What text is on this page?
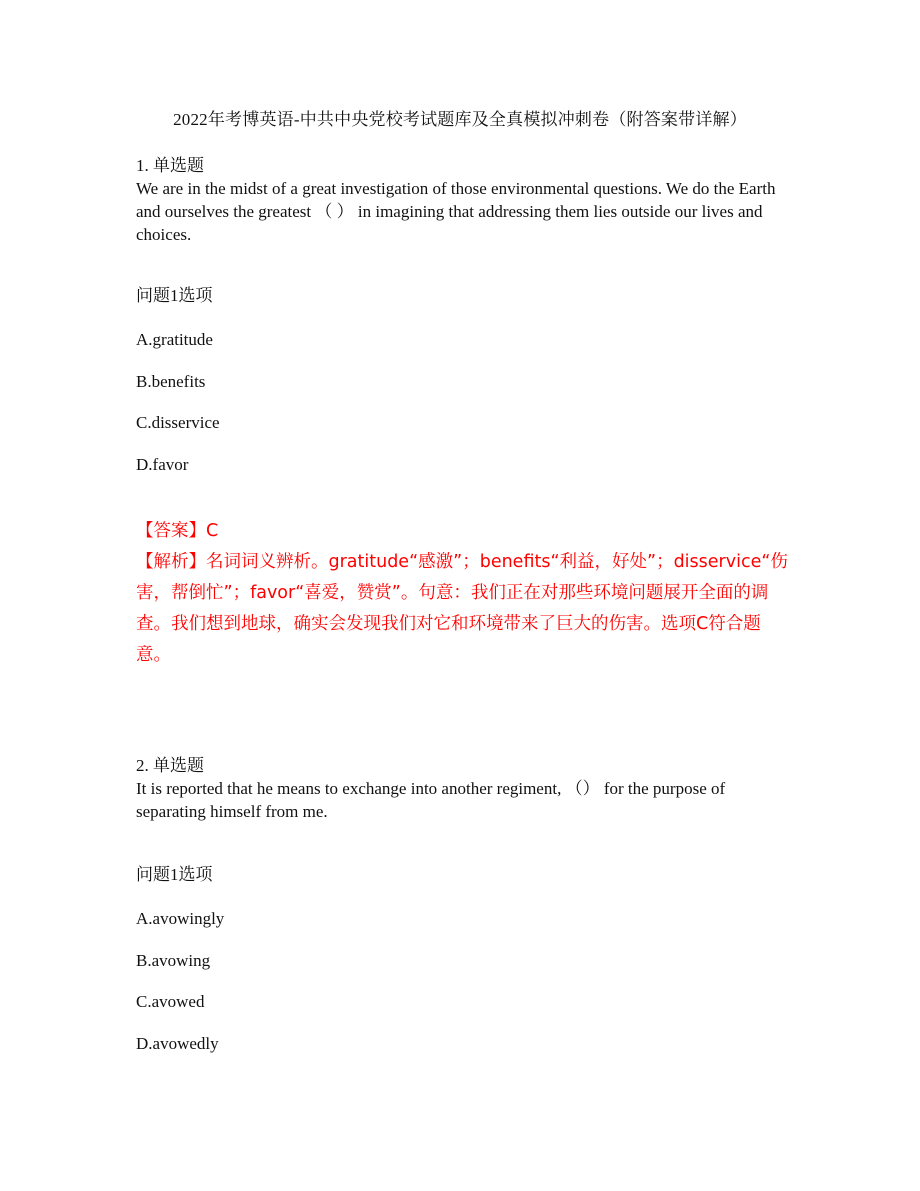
2022年考博英语-中共中央党校考试题库及全真模拟冲刺卷（附答案带详解）
1. 单选题
We are in the midst of a great investigation of those environmental questions. We do the Earth and ourselves the greatest （ ） in imagining that addressing them lies outside our lives and choices.
问题1选项
A.gratitude
B.benefits
C.disservice
D.favor
【答案】C
【解析】名词词义辨析。gratitude“感激”；benefits“利益，好处”；disservice“伤害，帮倒忙”；favor“喜爱，赞赏”。句意：我们正在对那些环境问题展开全面的调查。我们想到地球，确实会发现我们对它和环境带来了巨大的伤害。选项C符合题意。
2. 单选题
It is reported that he means to exchange into another regiment, （） for the purpose of separating himself from me.
问题1选项
A.avowingly
B.avowing
C.avowed
D.avowedly
